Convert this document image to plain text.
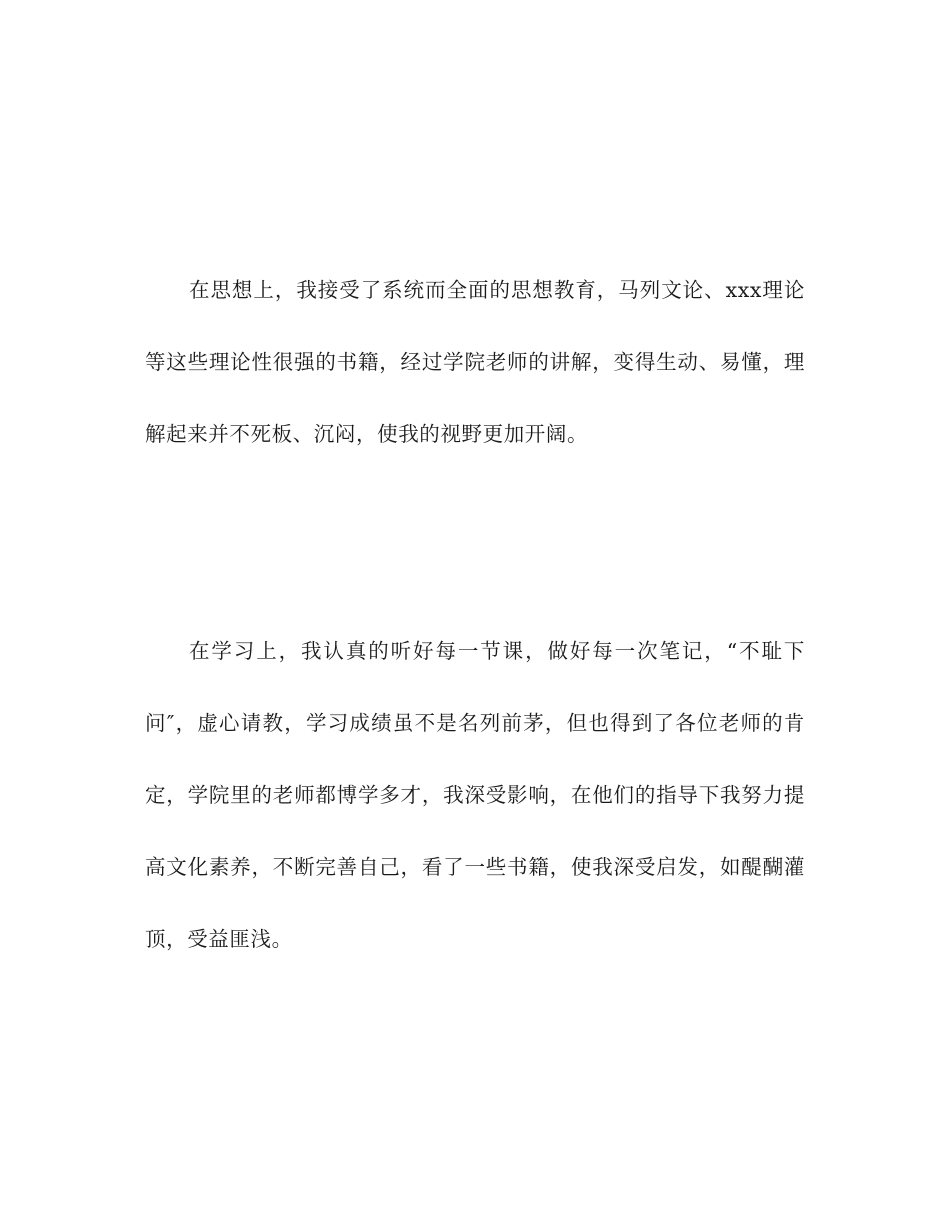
在思想上，我接受了系统而全面的思想教育，马列文论、xxx理论等这些理论性很强的书籍，经过学院老师的讲解，变得生动、易懂，理解起来并不死板、沉闷，使我的视野更加开阔。

在学习上，我认真的听好每一节课，做好每一次笔记，“不耻下问″，虚心请教，学习成绩虽不是名列前茅，但也得到了各位老师的肯定，学院里的老师都博学多才，我深受影响，在他们的指导下我努力提高文化素养，不断完善自己，看了一些书籍，使我深受启发，如醍醐灌顶，受益匪浅。
